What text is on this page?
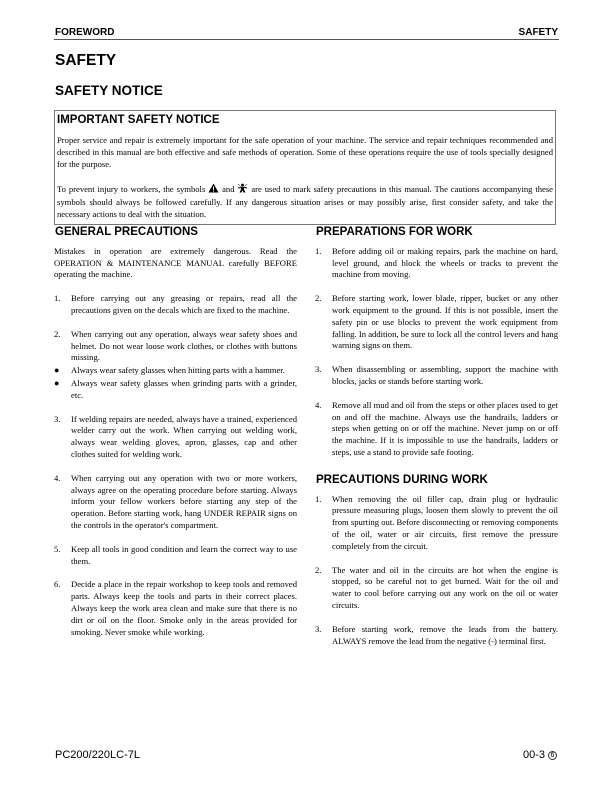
FOREWORD	SAFETY
SAFETY
SAFETY NOTICE
IMPORTANT SAFETY NOTICE
Proper service and repair is extremely important for the safe operation of your machine. The service and repair techniques recommended and described in this manual are both effective and safe methods of operation. Some of these operations require the use of tools specially designed for the purpose.
To prevent injury to workers, the symbols and are used to mark safety precautions in this manual. The cautions accompanying these symbols should always be followed carefully. If any dangerous situation arises or may possibly arise, first consider safety, and take the necessary actions to deal with the situation.
GENERAL PRECAUTIONS
Mistakes in operation are extremely dangerous. Read the OPERATION & MAINTENANCE MANUAL carefully BEFORE operating the machine.
1. Before carrying out any greasing or repairs, read all the precautions given on the decals which are fixed to the machine.
2. When carrying out any operation, always wear safety shoes and helmet. Do not wear loose work clothes, or clothes with buttons missing.
● Always wear safety glasses when hitting parts with a hammer.
● Always wear safety glasses when grinding parts with a grinder, etc.
3. If welding repairs are needed, always have a trained, experienced welder carry out the work. When carrying out welding work, always wear welding gloves, apron, glasses, cap and other clothes suited for welding work.
4. When carrying out any operation with two or more workers, always agree on the operating procedure before starting. Always inform your fellow workers before starting any step of the operation. Before starting work, hang UNDER REPAIR signs on the controls in the operator's compartment.
5. Keep all tools in good condition and learn the correct way to use them.
6. Decide a place in the repair workshop to keep tools and removed parts. Always keep the tools and parts in their correct places. Always keep the work area clean and make sure that there is no dirt or oil on the floor. Smoke only in the areas provided for smoking. Never smoke while working.
PREPARATIONS FOR WORK
1. Before adding oil or making repairs, park the machine on hard, level ground, and block the wheels or tracks to prevent the machine from moving.
2. Before starting work, lower blade, ripper, bucket or any other work equipment to the ground. If this is not possible, insert the safety pin or use blocks to prevent the work equipment from falling. In addition, be sure to lock all the control levers and hang warning signs on them.
3. When disassembling or assembling, support the machine with blocks, jacks or stands before starting work.
4. Remove all mud and oil from the steps or other places used to get on and off the machine. Always use the handrails, ladders or steps when getting on or off the machine. Never jump on or off the machine. If it is impossible to use the handrails, ladders or steps, use a stand to provide safe footing.
PRECAUTIONS DURING WORK
1. When removing the oil filler cap, drain plug or hydraulic pressure measuring plugs, loosen them slowly to prevent the oil from spurting out. Before disconnecting or removing components of the oil, water or air circuits, first remove the pressure completely from the circuit.
2. The water and oil in the circuits are hot when the engine is stopped, so be careful not to get burned. Wait for the oil and water to cool before carrying out any work on the oil or water circuits.
3. Before starting work, remove the leads from the battery. ALWAYS remove the lead from the negative (-) terminal first.
PC200/220LC-7L	00-3 6
